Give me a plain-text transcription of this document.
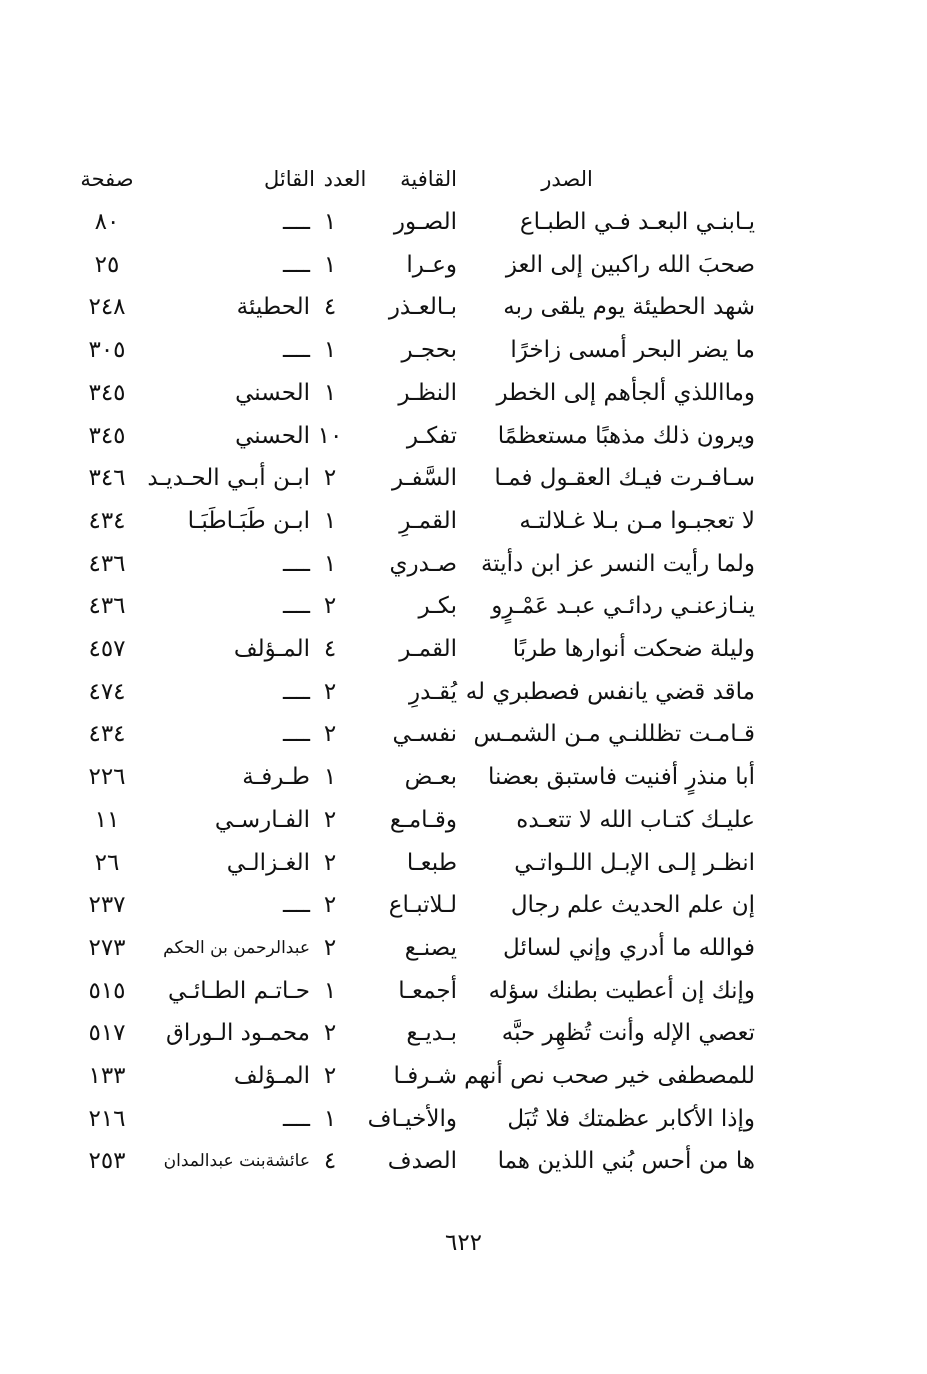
الصدر
القافية
العدد
القائل
صفحة
يـابنـي البعـد فـي الطبـاع
الصـور
١
ــــ
٨٠
صحبَ الله راكبين إلى العز
وعـرا
١
ــــ
٢٥
شهد الحطيئة يوم يلقى ربه
بـالعـذر
٤
الحطيئة
٢٤٨
ما يضر البحر أمسى زاخرًا
بحجـر
١
ــــ
٣٠٥
ومااللذي ألجأهم إلى الخطر
النظـر
١
الحسني
٣٤٥
ويرون ذلك مذهبًا مستعظمًا
تفكـر
١٠
الحسني
٣٤٥
سـافـرت فيـك العقـول فمـا
السَّفـر
٢
ابـن أبـي الحـديـد
٣٤٦
لا تعجبـوا مـن بـلا غـلالتـه
القمـرِ
١
ابـن طَبَـاطَبَـا
٤٣٤
ولما رأيت النسر عز ابن دأيتة
صـدري
١
ــــ
٤٣٦
ينـازعنـي ردائـي عبـد عَمْـرٍو
بكـر
٢
ــــ
٤٣٦
وليلة ضحكت أنوارها طربًا
القمـر
٤
المـؤلف
٤٥٧
ماقد قضي يانفس فصطبري له
يُقـدرِ
٢
ــــ
٤٧٤
قـامـت تظللنـي مـن الشمـس
نفسـي
٢
ــــ
٤٣٤
أبا منذرٍ أفنيت فاستبق بعضنا
بعـض
١
طـرفـة
٢٢٦
عليـك كتـاب الله لا تتعـده
وقـامـع
٢
الفـارسـي
١١
انظـر إلـى الإبـل اللـواتـي
طبعـا
٢
الغـزالـي
٢٦
إن علم الحديث علم رجال
لـلاتبـاع
٢
ــــ
٢٣٧
فوالله ما أدري وإني لسائل
يصنـع
٢
عبدالرحمن بن الحكم
٢٧٣
وإنك إن أعطيت بطنك سؤله
أجمعـا
١
حـاتـم الطـائـي
٥١٥
تعصي الإله وأنت تُظهِر حبَّه
بـديـع
٢
محمـود الـوراق
٥١٧
للمصطفى خير صحب نص أنهم
شـرفـا
٢
المـؤلف
١٣٣
وإذا الأكابر عظمتك فلا تُبَل
والأخيـاف
١
ــــ
٢١٦
ها من أحس بُني اللذين هما
الصدف
٤
عائشةبنت عبدالمدان
٢٥٣
٦٢٢
